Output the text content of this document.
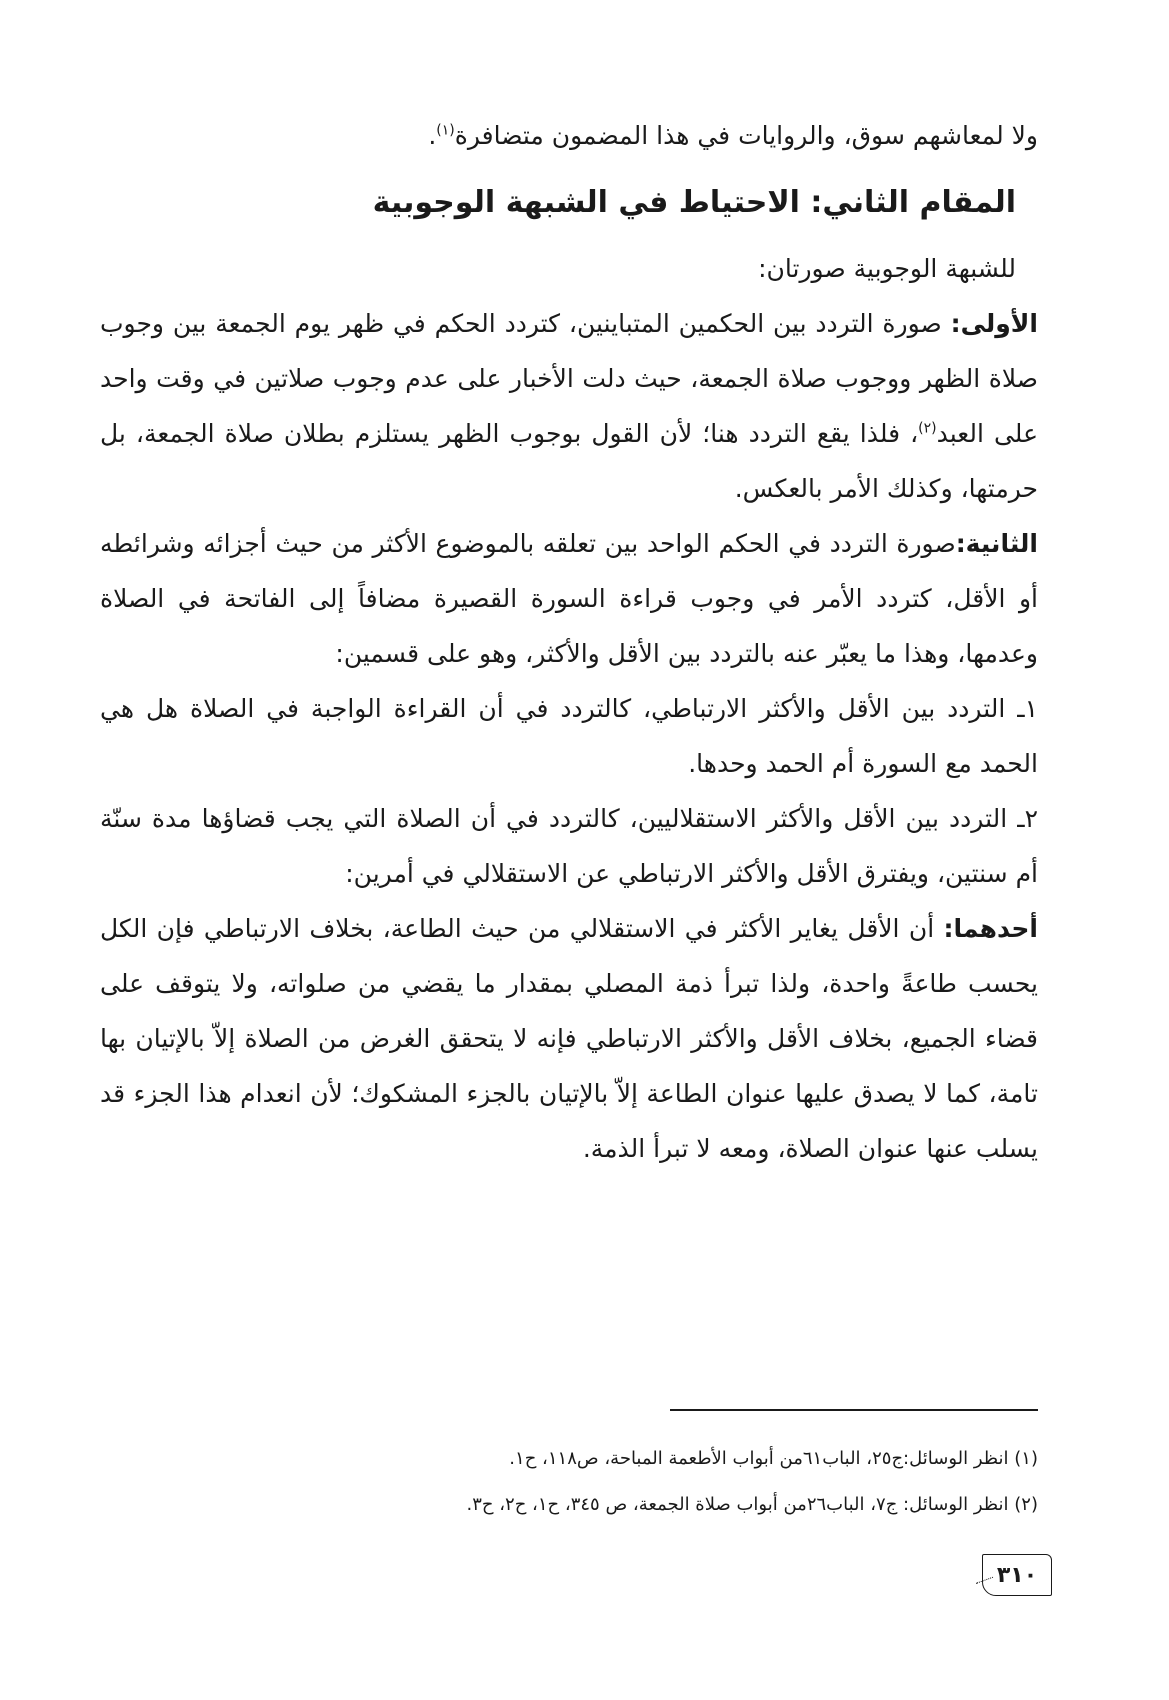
ولا لمعاشهم سوق، والروايات في هذا المضمون متضافرة$^{(١)}$.

المقام الثاني: الاحتياط في الشبهة الوجوبية

للشبهة الوجوبية صورتان:

الأولى: صورة التردد بين الحكمين المتباينين، كتردد الحكم في ظهر يوم الجمعة بين وجوب صلاة الظهر ووجوب صلاة الجمعة، حيث دلت الأخبار على عدم وجوب صلاتين في وقت واحد على العبد$^{(٢)}$، فلذا يقع التردد هنا؛ لأن القول بوجوب الظهر يستلزم بطلان صلاة الجمعة، بل حرمتها، وكذلك الأمر بالعكس.

الثانية:صورة التردد في الحكم الواحد بين تعلقه بالموضوع الأكثر من حيث أجزائه وشرائطه أو الأقل، كتردد الأمر في وجوب قراءة السورة القصيرة مضافاً إلى الفاتحة في الصلاة وعدمها، وهذا ما يعبّر عنه بالتردد بين الأقل والأكثر، وهو على قسمين:

١ـ التردد بين الأقل والأكثر الارتباطي، كالتردد في أن القراءة الواجبة في الصلاة هل هي الحمد مع السورة أم الحمد وحدها.

٢ـ التردد بين الأقل والأكثر الاستقلاليين، كالتردد في أن الصلاة التي يجب قضاؤها مدة سنّة أم سنتين، ويفترق الأقل والأكثر الارتباطي عن الاستقلالي في أمرين:

أحدهما: أن الأقل يغاير الأكثر في الاستقلالي من حيث الطاعة، بخلاف الارتباطي فإن الكل يحسب طاعةً واحدة، ولذا تبرأ ذمة المصلي بمقدار ما يقضي من صلواته، ولا يتوقف على قضاء الجميع، بخلاف الأقل والأكثر الارتباطي فإنه لا يتحقق الغرض من الصلاة إلاّ بالإتيان بها تامة، كما لا يصدق عليها عنوان الطاعة إلاّ بالإتيان بالجزء المشكوك؛ لأن انعدام هذا الجزء قد يسلب عنها عنوان الصلاة، ومعه لا تبرأ الذمة.

(١) انظر الوسائل:ج٢٥، الباب٦١من أبواب الأطعمة المباحة، ص١١٨، ح١.

(٢) انظر الوسائل: ج٧، الباب٢٦من أبواب صلاة الجمعة، ص ٣٤٥، ح١، ح٢، ح٣.

٣١٠
